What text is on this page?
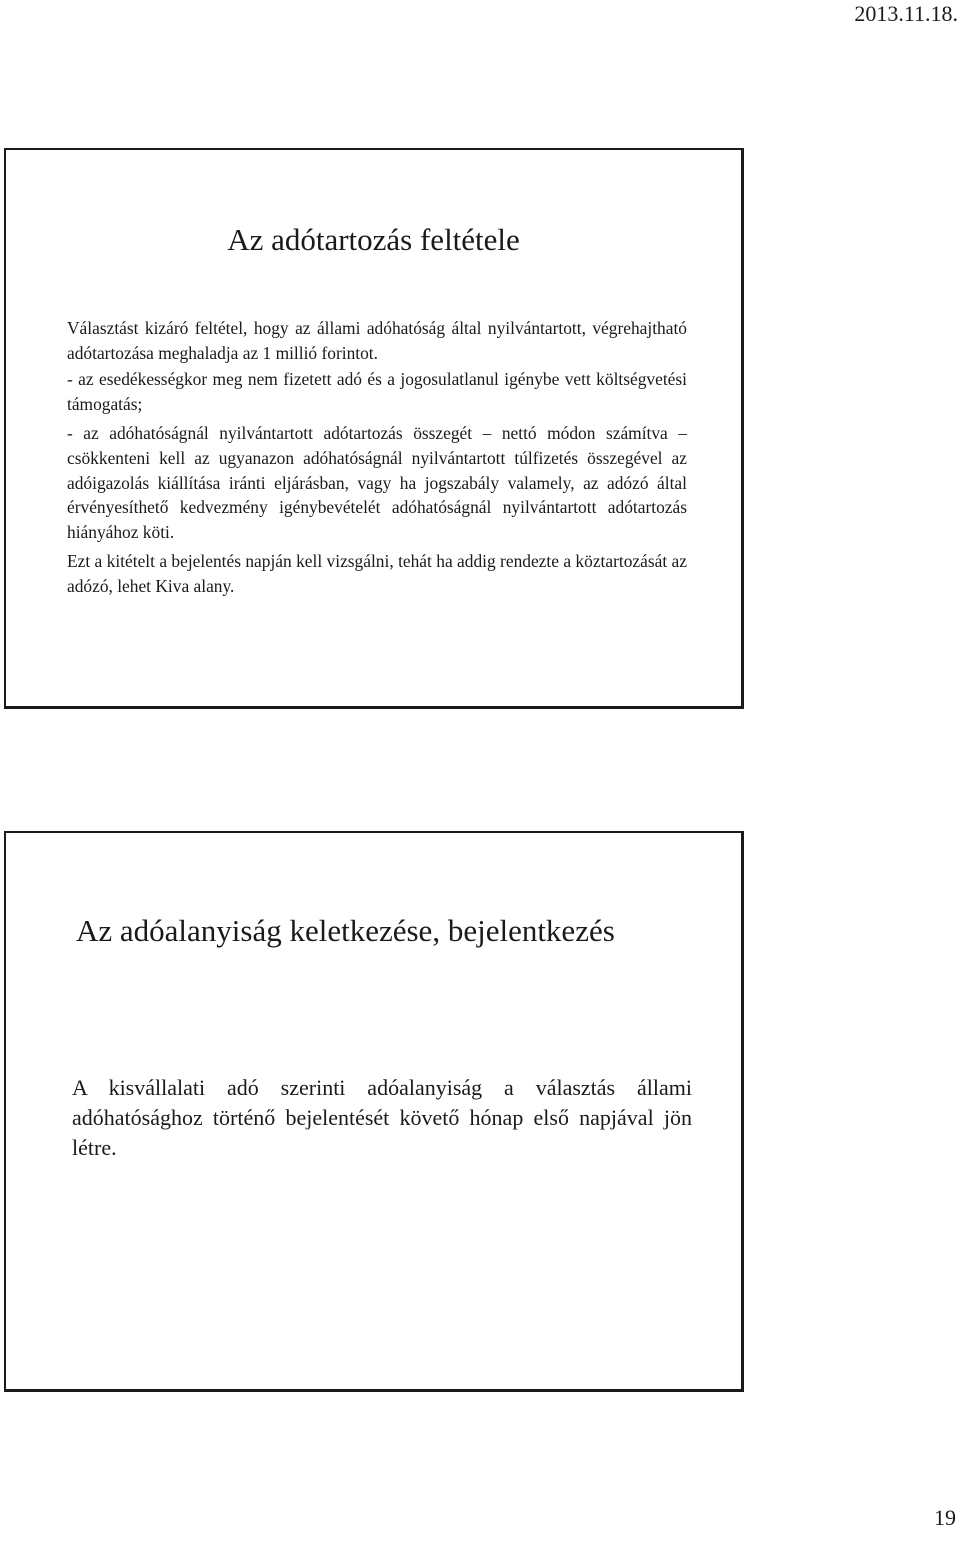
2013.11.18.
Az adótartozás feltétele

Választást kizáró feltétel, hogy az állami adóhatóság által nyilvántartott, végrehajtható adótartozása meghaladja az 1 millió forintot.

- az esedékességkor meg nem fizetett adó és a jogosulatlanul igénybe vett költségvetési támogatás;

- az adóhatóságnál nyilvántartott adótartozás összegét – nettó módon számítva – csökkenteni kell az ugyanazon adóhatóságnál nyilvántartott túlfizetés összegével az adóigazolás kiállítása iránti eljárásban, vagy ha jogszabály valamely, az adózó által érvényesíthető kedvezmény igénybevételét adóhatóságnál nyilvántartott adótartozás hiányához köti.

Ezt a kitételt a bejelentés napján kell vizsgálni, tehát ha addig rendezte a köztartozását az adózó, lehet Kiva alany.

Az adóalanyiság keletkezése, bejelentkezés

A kisvállalati adó szerinti adóalanyiság a választás állami adóhatósághoz történő bejelentését követő hónap első napjával jön létre.

19
